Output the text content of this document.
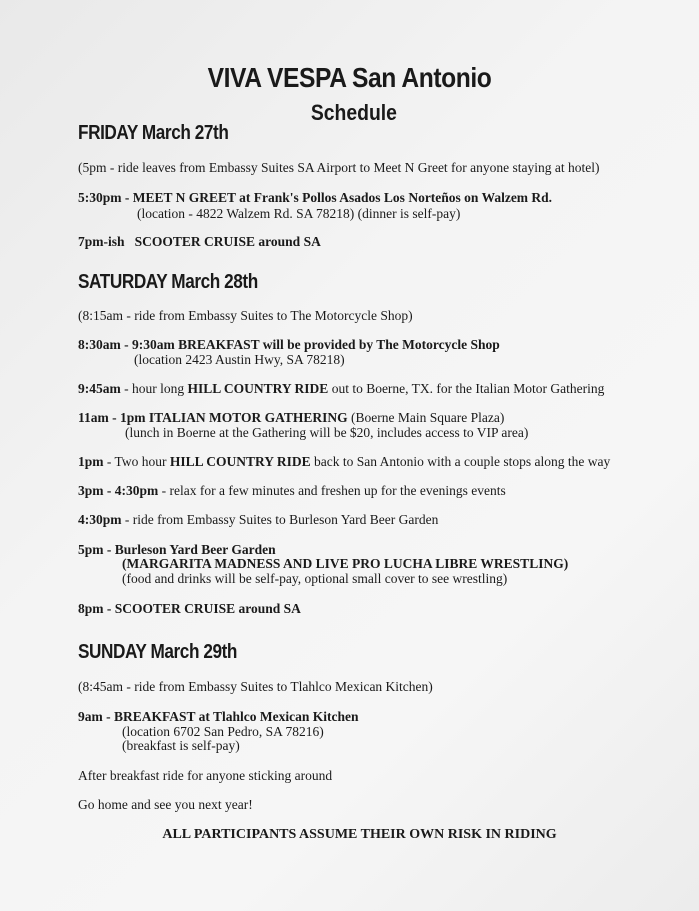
VIVA VESPA San Antonio
Schedule
FRIDAY March 27th
(5pm - ride leaves from Embassy Suites SA Airport to Meet N Greet for anyone staying at hotel)
5:30pm - MEET N GREET at Frank's Pollos Asados Los Norteños on Walzem Rd.
(location - 4822 Walzem Rd. SA 78218) (dinner is self-pay)
7pm-ish SCOOTER CRUISE around SA
SATURDAY March 28th
(8:15am - ride from Embassy Suites to The Motorcycle Shop)
8:30am - 9:30am BREAKFAST will be provided by The Motorcycle Shop
(location 2423 Austin Hwy, SA 78218)
9:45am - hour long HILL COUNTRY RIDE out to Boerne, TX. for the Italian Motor Gathering
11am - 1pm ITALIAN MOTOR GATHERING (Boerne Main Square Plaza)
(lunch in Boerne at the Gathering will be $20, includes access to VIP area)
1pm - Two hour HILL COUNTRY RIDE back to San Antonio with a couple stops along the way
3pm - 4:30pm - relax for a few minutes and freshen up for the evenings events
4:30pm - ride from Embassy Suites to Burleson Yard Beer Garden
5pm - Burleson Yard Beer Garden
(MARGARITA MADNESS AND LIVE PRO LUCHA LIBRE WRESTLING)
(food and drinks will be self-pay, optional small cover to see wrestling)
8pm - SCOOTER CRUISE around SA
SUNDAY March 29th
(8:45am - ride from Embassy Suites to Tlahlco Mexican Kitchen)
9am - BREAKFAST at Tlahlco Mexican Kitchen
(location 6702 San Pedro, SA 78216)
(breakfast is self-pay)
After breakfast ride for anyone sticking around
Go home and see you next year!
ALL PARTICIPANTS ASSUME THEIR OWN RISK IN RIDING
